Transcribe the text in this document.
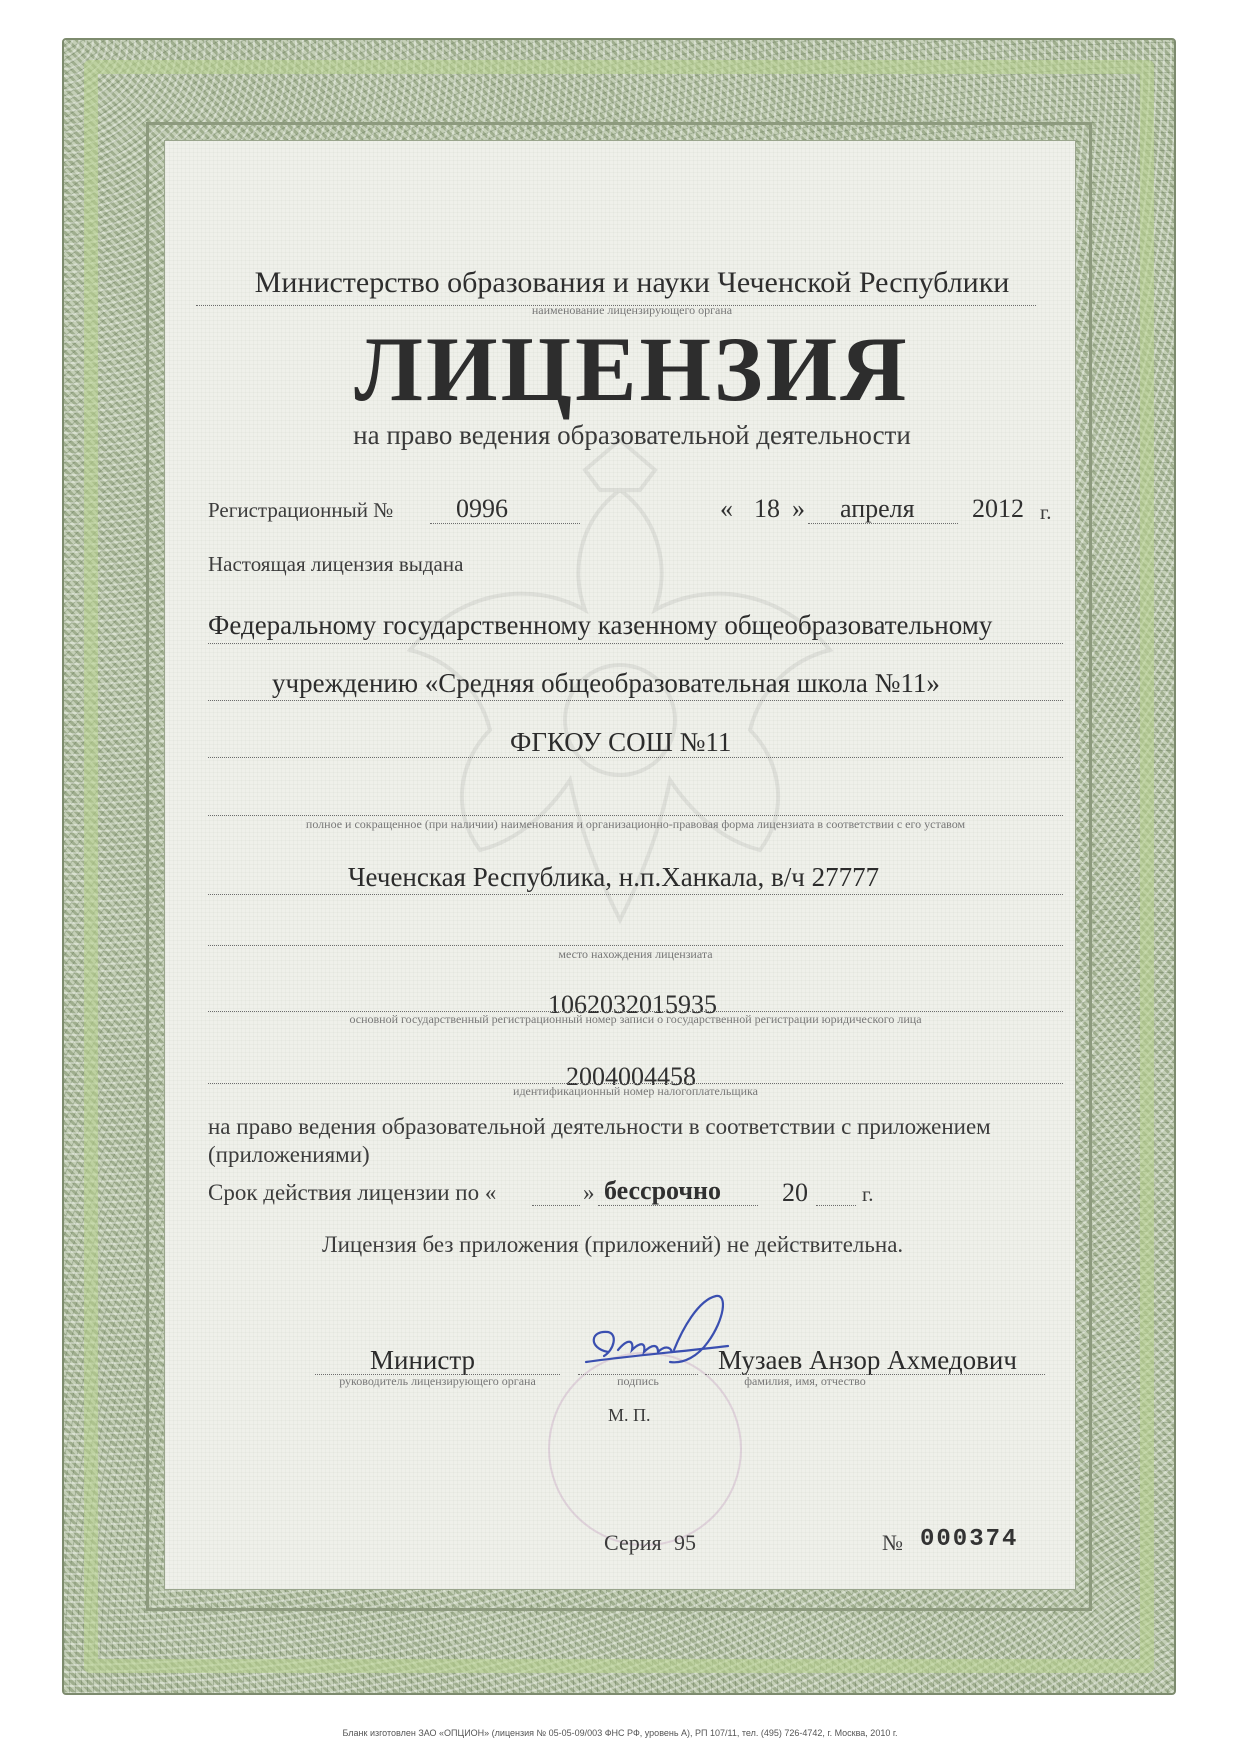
Министерство образования и науки Чеченской Республики
наименование лицензирующего органа
ЛИЦЕНЗИЯ
на право ведения образовательной деятельности
Регистрационный № 0996	« 18 » апреля 2012 г.
Настоящая лицензия выдана
Федеральному государственному казенному общеобразовательному
учреждению «Средняя общеобразовательная школа №11»
ФГКОУ СОШ №11
полное и сокращенное (при наличии) наименования и организационно-правовая форма лицензиата в соответствии с его уставом
Чеченская Республика, н.п.Ханкала, в/ч 27777
место нахождения лицензиата
1062032015935
основной государственный регистрационный номер записи о государственной регистрации юридического лица
2004004458
идентификационный номер налогоплательщика
на право ведения образовательной деятельности в соответствии с приложением
(приложениями)
Срок действия лицензии по «	» бессрочно 20	г.
Лицензия без приложения (приложений) не действительна.
Министр
руководитель лицензирующего органа	подпись
Музаев Анзор Ахмедович
фамилия, имя, отчество
М. П.
Серия 95	№ 000374
Бланк изготовлен ЗАО «ОПЦИОН» (лицензия № 05-05-09/003 ФНС РФ, уровень А), РП 107/11, тел. (495) 726-4742, г. Москва, 2010 г.
